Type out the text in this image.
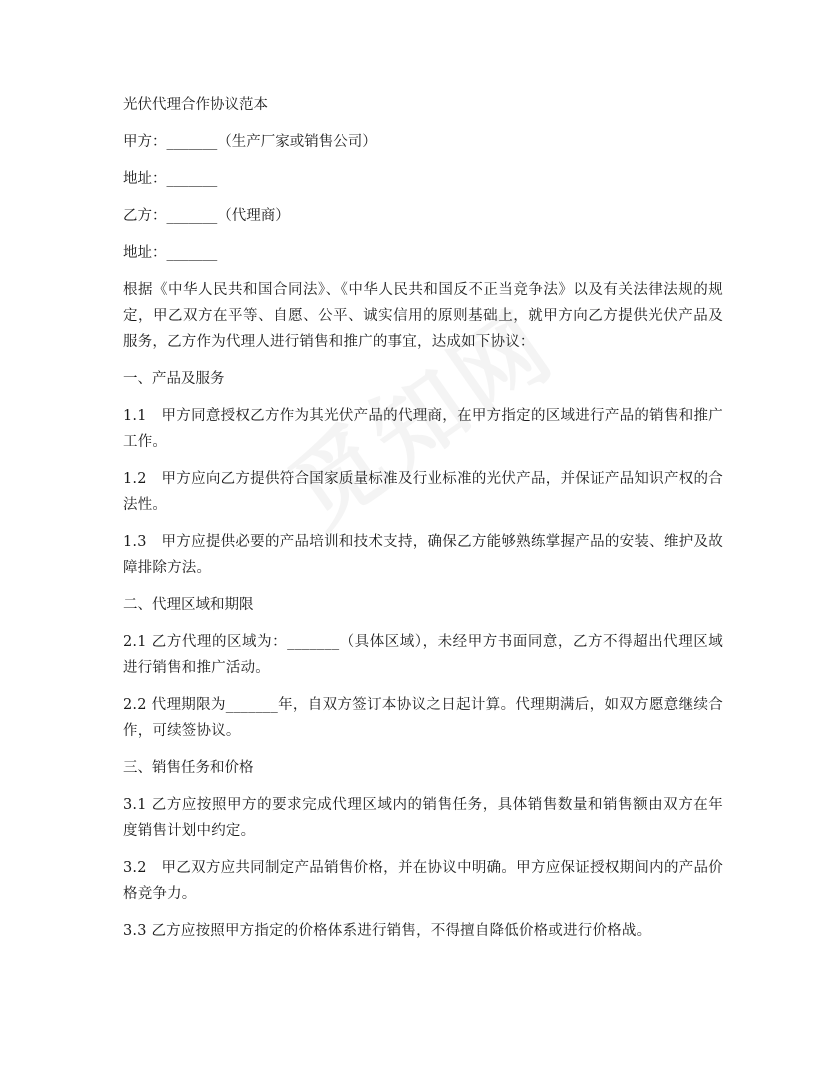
光伏代理合作协议范本
甲方：_______（生产厂家或销售公司）
地址：_______
乙方：_______（代理商）
地址：_______
根据《中华人民共和国合同法》、《中华人民共和国反不正当竞争法》以及有关法律法规的规定，甲乙双方在平等、自愿、公平、诚实信用的原则基础上，就甲方向乙方提供光伏产品及服务，乙方作为代理人进行销售和推广的事宜，达成如下协议：
一、产品及服务
1.1　甲方同意授权乙方作为其光伏产品的代理商，在甲方指定的区域进行产品的销售和推广工作。
1.2　甲方应向乙方提供符合国家质量标准及行业标准的光伏产品，并保证产品知识产权的合法性。
1.3　甲方应提供必要的产品培训和技术支持，确保乙方能够熟练掌握产品的安装、维护及故障排除方法。
二、代理区域和期限
2.1 乙方代理的区域为：_______（具体区域），未经甲方书面同意，乙方不得超出代理区域进行销售和推广活动。
2.2 代理期限为_______年，自双方签订本协议之日起计算。代理期满后，如双方愿意继续合作，可续签协议。
三、销售任务和价格
3.1 乙方应按照甲方的要求完成代理区域内的销售任务，具体销售数量和销售额由双方在年度销售计划中约定。
3.2　甲乙双方应共同制定产品销售价格，并在协议中明确。甲方应保证授权期间内的产品价格竞争力。
3.3 乙方应按照甲方指定的价格体系进行销售，不得擅自降低价格或进行价格战。
